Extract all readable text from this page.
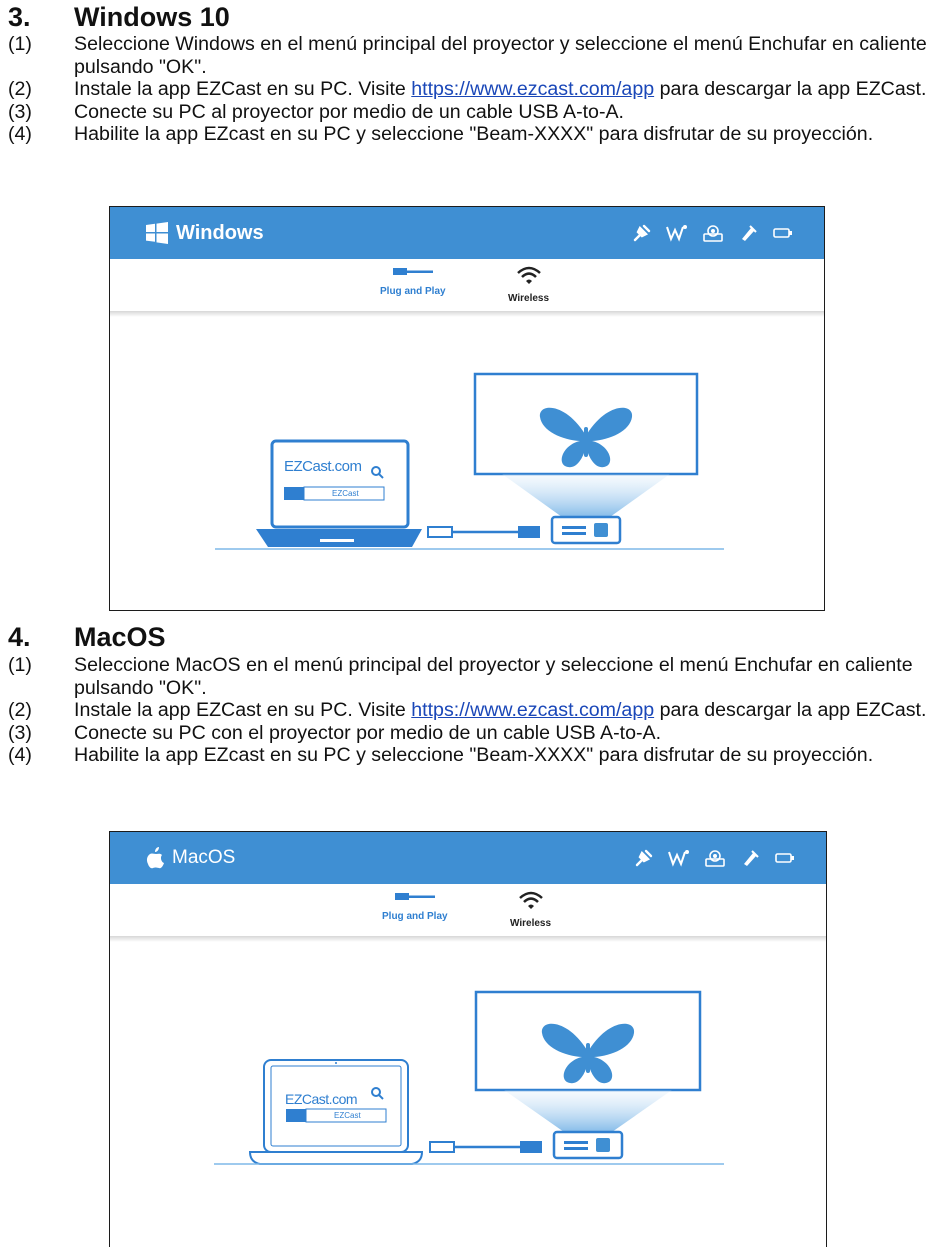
3.	Windows 10
(1)	Seleccione Windows en el menú principal del proyector y seleccione el menú Enchufar en caliente pulsando "OK".
(2)	Instale la app EZCast en su PC. Visite https://www.ezcast.com/app para descargar la app EZCast.
(3)	Conecte su PC al proyector por medio de un cable USB A-to-A.
(4)	Habilite la app EZcast en su PC y seleccione "Beam-XXXX" para disfrutar de su proyección.
Windows
Plug and Play
Wireless
EZCast.com
EZCast
4.	MacOS
(1)	Seleccione MacOS en el menú principal del proyector y seleccione el menú Enchufar en caliente pulsando "OK".
(2)	Instale la app EZCast en su PC. Visite https://www.ezcast.com/app para descargar la app EZCast.
(3)	Conecte su PC con el proyector por medio de un cable USB A-to-A.
(4)	Habilite la app EZcast en su PC y seleccione "Beam-XXXX" para disfrutar de su proyección.
MacOS
Plug and Play
Wireless
EZCast.com
EZCast
